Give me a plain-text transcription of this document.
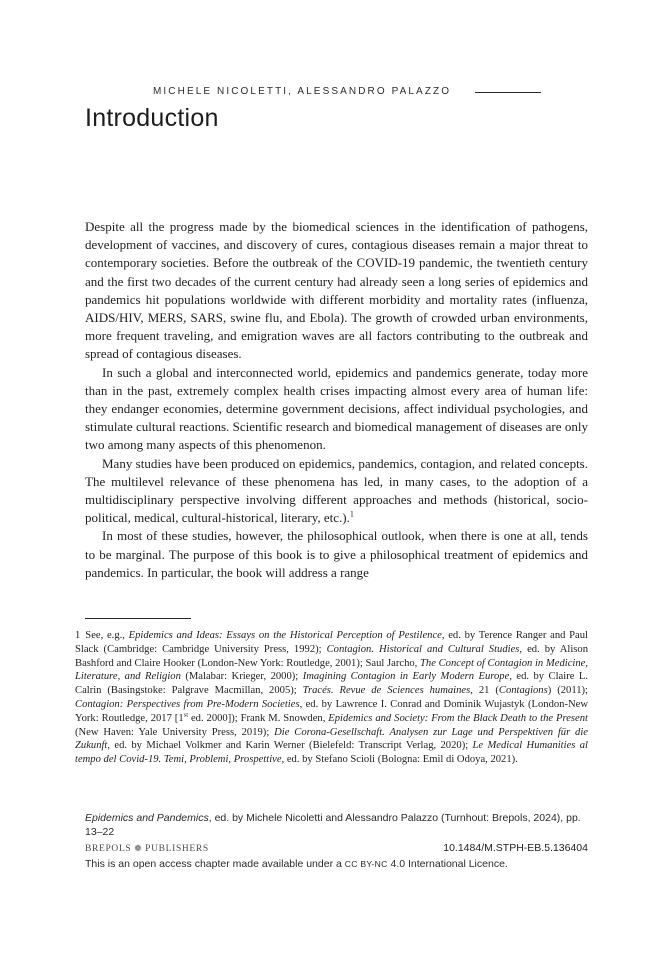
MICHELE NICOLETTI, ALESSANDRO PALAZZO
Introduction

Despite all the progress made by the biomedical sciences in the identification of pathogens, development of vaccines, and discovery of cures, contagious diseases remain a major threat to contemporary societies. Before the outbreak of the COVID-19 pandemic, the twentieth century and the first two decades of the current century had already seen a long series of epidemics and pandemics hit populations worldwide with different morbidity and mortality rates (influenza, AIDS/HIV, MERS, SARS, swine flu, and Ebola). The growth of crowded urban environments, more frequent traveling, and emigration waves are all factors contributing to the outbreak and spread of contagious diseases.

In such a global and interconnected world, epidemics and pandemics generate, today more than in the past, extremely complex health crises impacting almost every area of human life: they endanger economies, determine government decisions, affect individual psychologies, and stimulate cultural reactions. Scientific research and biomedical management of diseases are only two among many aspects of this phenomenon.

Many studies have been produced on epidemics, pandemics, contagion, and related concepts. The multilevel relevance of these phenomena has led, in many cases, to the adoption of a multidisciplinary perspective involving different approaches and methods (historical, socio-political, medical, cultural-historical, literary, etc.).$^1$

In most of these studies, however, the philosophical outlook, when there is one at all, tends to be marginal. The purpose of this book is to give a philosophical treatment of epidemics and pandemics. In particular, the book will address a range

1 See, e.g., Epidemics and Ideas: Essays on the Historical Perception of Pestilence, ed. by Terence Ranger and Paul Slack (Cambridge: Cambridge University Press, 1992); Contagion. Historical and Cultural Studies, ed. by Alison Bashford and Claire Hooker (London-New York: Routledge, 2001); Saul Jarcho, The Concept of Contagion in Medicine, Literature, and Religion (Malabar: Krieger, 2000); Imagining Contagion in Early Modern Europe, ed. by Claire L. Calrin (Basingstoke: Palgrave Macmillan, 2005); Tracés. Revue de Sciences humaines, 21 (Contagions) (2011); Contagion: Perspectives from Pre-Modern Societies, ed. by Lawrence I. Conrad and Dominik Wujastyk (London-New York: Routledge, 2017 [1st ed. 2000]); Frank M. Snowden, Epidemics and Society: From the Black Death to the Present (New Haven: Yale University Press, 2019); Die Corona-Gesellschaft. Analysen zur Lage und Perspektiven für die Zukunft, ed. by Michael Volkmer and Karin Werner (Bielefeld: Transcript Verlag, 2020); Le Medical Humanities al tempo del Covid-19. Temi, Problemi, Prospettive, ed. by Stefano Scioli (Bologna: Emil di Odoya, 2021).

Epidemics and Pandemics, ed. by Michele Nicoletti and Alessandro Palazzo (Turnhout: Brepols, 2024), pp. 13–22

BREPOLS ❁ PUBLISHERS	10.1484/M.STPH-EB.5.136404

This is an open access chapter made available under a CC BY-NC 4.0 International Licence.
